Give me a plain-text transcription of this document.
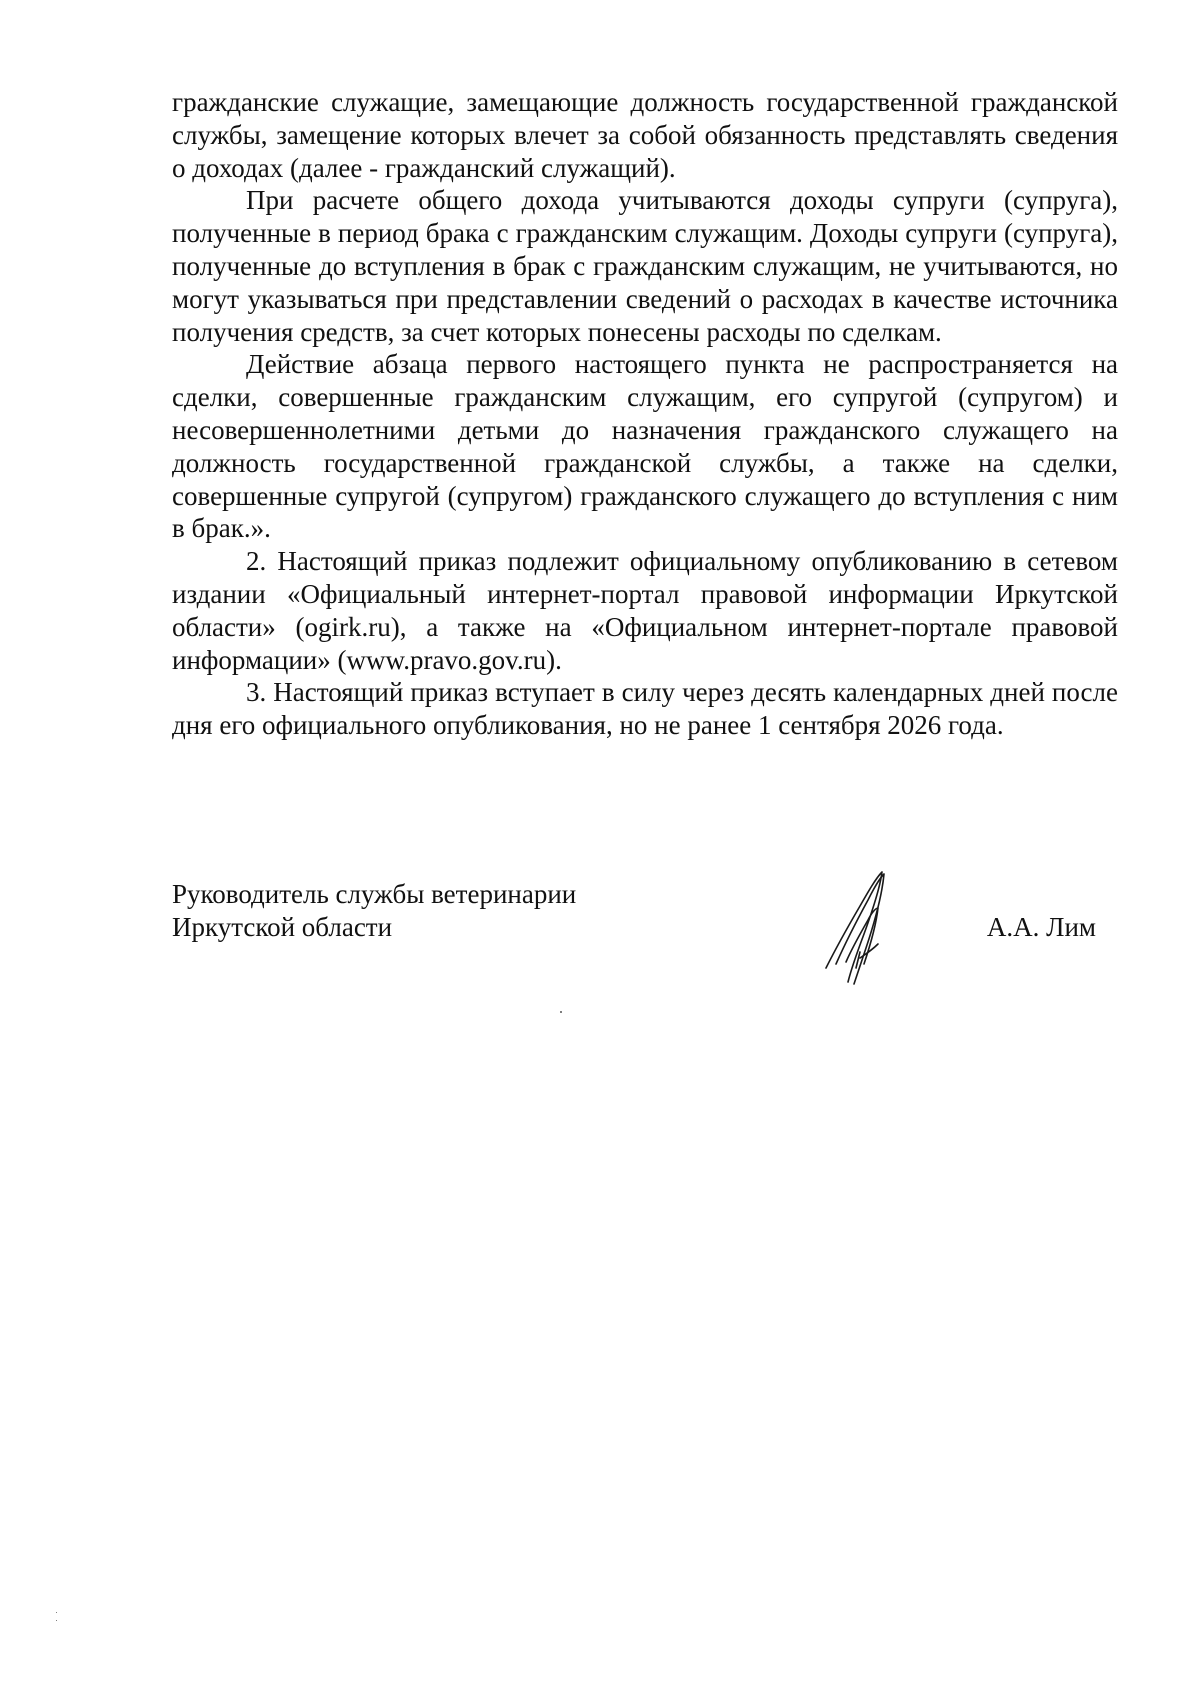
гражданские служащие, замещающие должность государственной гражданской службы, замещение которых влечет за собой обязанность представлять сведения о доходах (далее - гражданский служащий).

При расчете общего дохода учитываются доходы супруги (супруга), полученные в период брака с гражданским служащим. Доходы супруги (супруга), полученные до вступления в брак с гражданским служащим, не учитываются, но могут указываться при представлении сведений о расходах в качестве источника получения средств, за счет которых понесены расходы по сделкам.

Действие абзаца первого настоящего пункта не распространяется на сделки, совершенные гражданским служащим, его супругой (супругом) и несовершеннолетними детьми до назначения гражданского служащего на должность государственной гражданской службы, а также на сделки, совершенные супругой (супругом) гражданского служащего до вступления с ним в брак.».

2. Настоящий приказ подлежит официальному опубликованию в сетевом издании «Официальный интернет-портал правовой информации Иркутской области» (ogirk.ru), а также на «Официальном интернет-портале правовой информации» (www.pravo.gov.ru).

3. Настоящий приказ вступает в силу через десять календарных дней после дня его официального опубликования, но не ранее 1 сентября 2026 года.

Руководитель службы ветеринарии
Иркутской области	А.А. Лим
